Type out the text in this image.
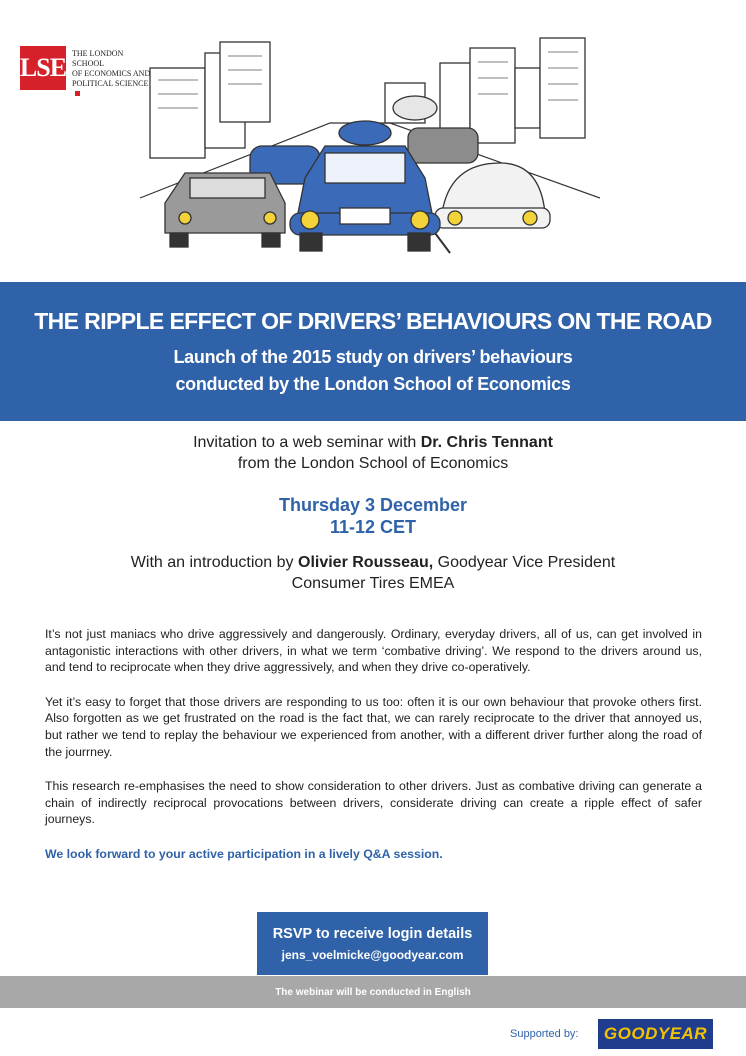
LSE THE LONDON SCHOOL
OF ECONOMICS AND
POLITICAL SCIENCE
THE RIPPLE EFFECT OF DRIVERS’ BEHAVIOURS ON THE ROAD
Launch of the 2015 study on drivers’ behaviours
conducted by the London School of Economics
Invitation to a web seminar with Dr. Chris Tennant
from the London School of Economics
Thursday 3 December
11-12 CET
With an introduction by Olivier Rousseau, Goodyear Vice President
Consumer Tires EMEA

It’s not just maniacs who drive aggressively and dangerously. Ordinary, everyday drivers, all of us, can get involved in antagonistic interactions with other drivers, in what we term ‘combative driving’. We respond to the drivers around us, and tend to reciprocate when they drive aggressively, and when they drive co-operatively.

Yet it’s easy to forget that those drivers are responding to us too: often it is our own behaviour that provoke others first. Also forgotten as we get frustrated on the road is the fact that, we can rarely reciprocate to the driver that annoyed us, but rather we tend to replay the behaviour we experienced from another, with a different driver further along the road of the jourrney.

This research re-emphasises the need to show consideration to other drivers. Just as combative driving can generate a chain of indirectly reciprocal provocations between drivers, considerate driving can create a ripple effect of safer journeys.

We look forward to your active participation in a lively Q&A session.

RSVP to receive login details
jens_voelmicke@goodyear.com
The webinar will be conducted in English
Supported by: GOODYEAR
